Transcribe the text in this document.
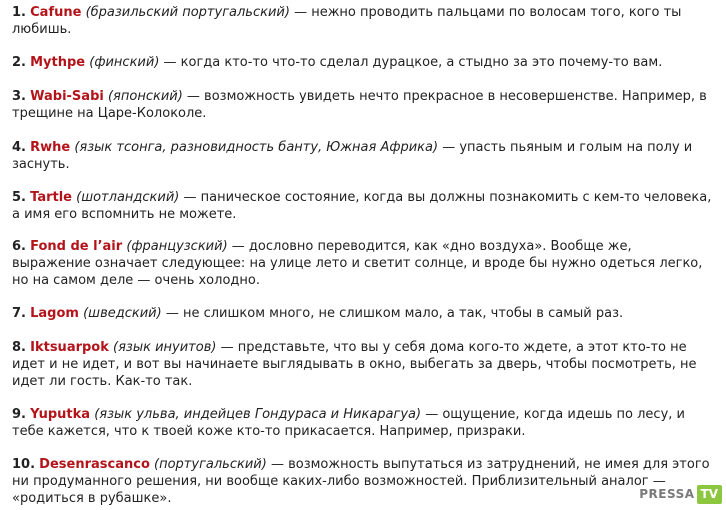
1. Cafune (бразильский португальский) — нежно проводить пальцами по волосам того, кого ты любишь.

2. Mythpe (финский) — когда кто-то что-то сделал дурацкое, а стыдно за это почему-то вам.

3. Wabi-Sabi (японский) — возможность увидеть нечто прекрасное в несовершенстве. Например, в трещине на Царе-Колоколе.

4. Rwhe (язык тсонга, разновидность банту, Южная Африка) — упасть пьяным и голым на полу и заснуть.

5. Tartle (шотландский) — паническое состояние, когда вы должны познакомить с кем-то человека, а имя его вспомнить не можете.

6. Fond de l’air (французский) — дословно переводится, как «дно воздуха». Вообще же, выражение означает следующее: на улице лето и светит солнце, и вроде бы нужно одеться легко, но на самом деле — очень холодно.

7. Lagom (шведский) — не слишком много, не слишком мало, а так, чтобы в самый раз.

8. Iktsuarpok (язык инуитов) — представьте, что вы у себя дома кого-то ждете, а этот кто-то не идет и не идет, и вот вы начинаете выглядывать в окно, выбегать за дверь, чтобы посмотреть, не идет ли гость. Как-то так.

9. Yuputka (язык ульва, индейцев Гондураса и Никарагуа) — ощущение, когда идешь по лесу, и тебе кажется, что к твоей коже кто-то прикасается. Например, призраки.

10. Desenrascanco (португальский) — возможность выпутаться из затруднений, не имея для этого ни продуманного решения, ни вообще каких-либо возможностей. Приблизительный аналог — «родиться в рубашке».	PRESSA TV
